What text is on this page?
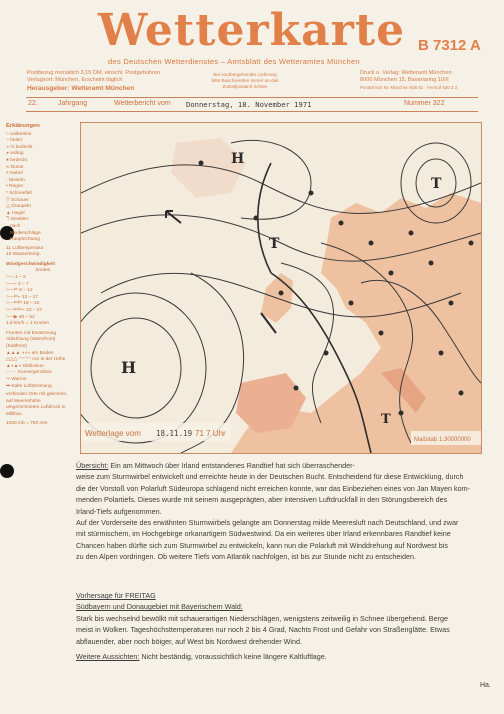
Wetterkarte B 7312 A
des Deutschen Wetterdienstes – Amtsblatt des Wetteramtes München
Postbezug monatlich 3,15 DM, einschl. Postgebühren
Verlagsort: München, Erscheint täglich
Herausgeber: Wetteramt München
Bei vorübergehender Lieferung
bitte Beschwerden immer an das
Zustellpostamt richten
Druck u. Verlag: Wetteramt München
8000 München 15, Bavariaring 10/II
Postscheck Nr. München 836 81 · Fernruf 530 3 2
22.	Jahrgang	Wetterbericht vom Donnerstag, 18. November 1971	Nummer 322
Erklärungen
○ wolkenlos
◔ heiter
◑ ½ bedeckt
◕ wolkig
● bedeckt
∞ Dunst
≡ Nebel
, Nieseln
• Regen
* Schneefall
▽ Schauer
△ Graupeln
▲ Hagel
ℸ Gewitter
nach
Niederschläge
Hauptrichtung
11 Lufttemperatur
13 Wassertemp.
Windgeschwindigkeit
knoten
○— 1 – 2
○—⌐ 3 – 7
○—⊨ 8 – 12
○—⊨⌐ 13 – 17
○—⊨⊨ 18 – 22
○—⊨⊨⌐ 23 – 27
○—▶ 48 – 52
1,8 km/h = 1 Knoten
Fronten mit Erwärmung Abkühlung (Warmfront) (Kaltfront)
▲▲▲ ◖◖◖ am Boden
△△△ ◠◠◠ nur in der Höhe
▲◖▲◖ Okklusion
- - - - Konvergenzlinie
⇨ Warme
➡ Kalte Luftströmung
verbinden Orte mit gleichem, auf Meereshöhe umgerechneten Luftdruck in Millibar.
1000 mb = 750 mm
H
T
T
H
T
Wetterlage vom 18.11.19 71 7 Uhr
Maßstab 1:30000000
Übersicht: Ein am Mittwoch über Irland entstandenes Randtief hat sich überraschender-
weise zum Sturmwirbel entwickelt und erreichte heute in der Deutschen Bucht. Entscheidend für diese Entwicklung, durch
die der Vorstoß von Polarluft Südeuropa schlagend nicht erreichen konnte, war das Einbeziehen eines von Jan Mayen kom-
menden Polartiefs. Dieses wurde mit seinem ausgeprägten, aber intensiven Luftdruckfall in den Störungsbereich des
Irland-Tiefs aufgenommen.
Auf der Vorderseite des erwähnten Sturmwirbels gelangte am Donnerstag milde Meeresluft nach Deutschland, und zwar
mit stürmischem, im Hochgebirge orkanartigem Südwestwind. Da ein weiteres über Irland erkennbares Randtief keine
Chancen haben dürfte sich zum Sturmwirbel zu entwickeln, kann nun die Polarluft mit Winddrehung auf Nordwest bis
zu den Alpen vordringen. Ob weitere Tiefs vom Atlantik nachfolgen, ist bis zur Stunde nicht zu entscheiden.
Vorhersage für FREITAG
Südbayern und Donaugebiet mit Bayerischem Wald:
Stark bis wechselnd bewölkt mit schauerartigen Niederschlägen, wenigstens zeitweilig in Schnee übergehend. Berge
meist in Wolken. Tageshöchsttemperaturen nur noch 2 bis 4 Grad, Nachts Frost und Gefahr von Straßenglätte. Etwas
abflauender, aber noch böiger, auf West bis Nordwest drehender Wind.
Weitere Aussichten: Nicht beständig, voraussichtlich keine längere Kaltluftlage.
Ha.
